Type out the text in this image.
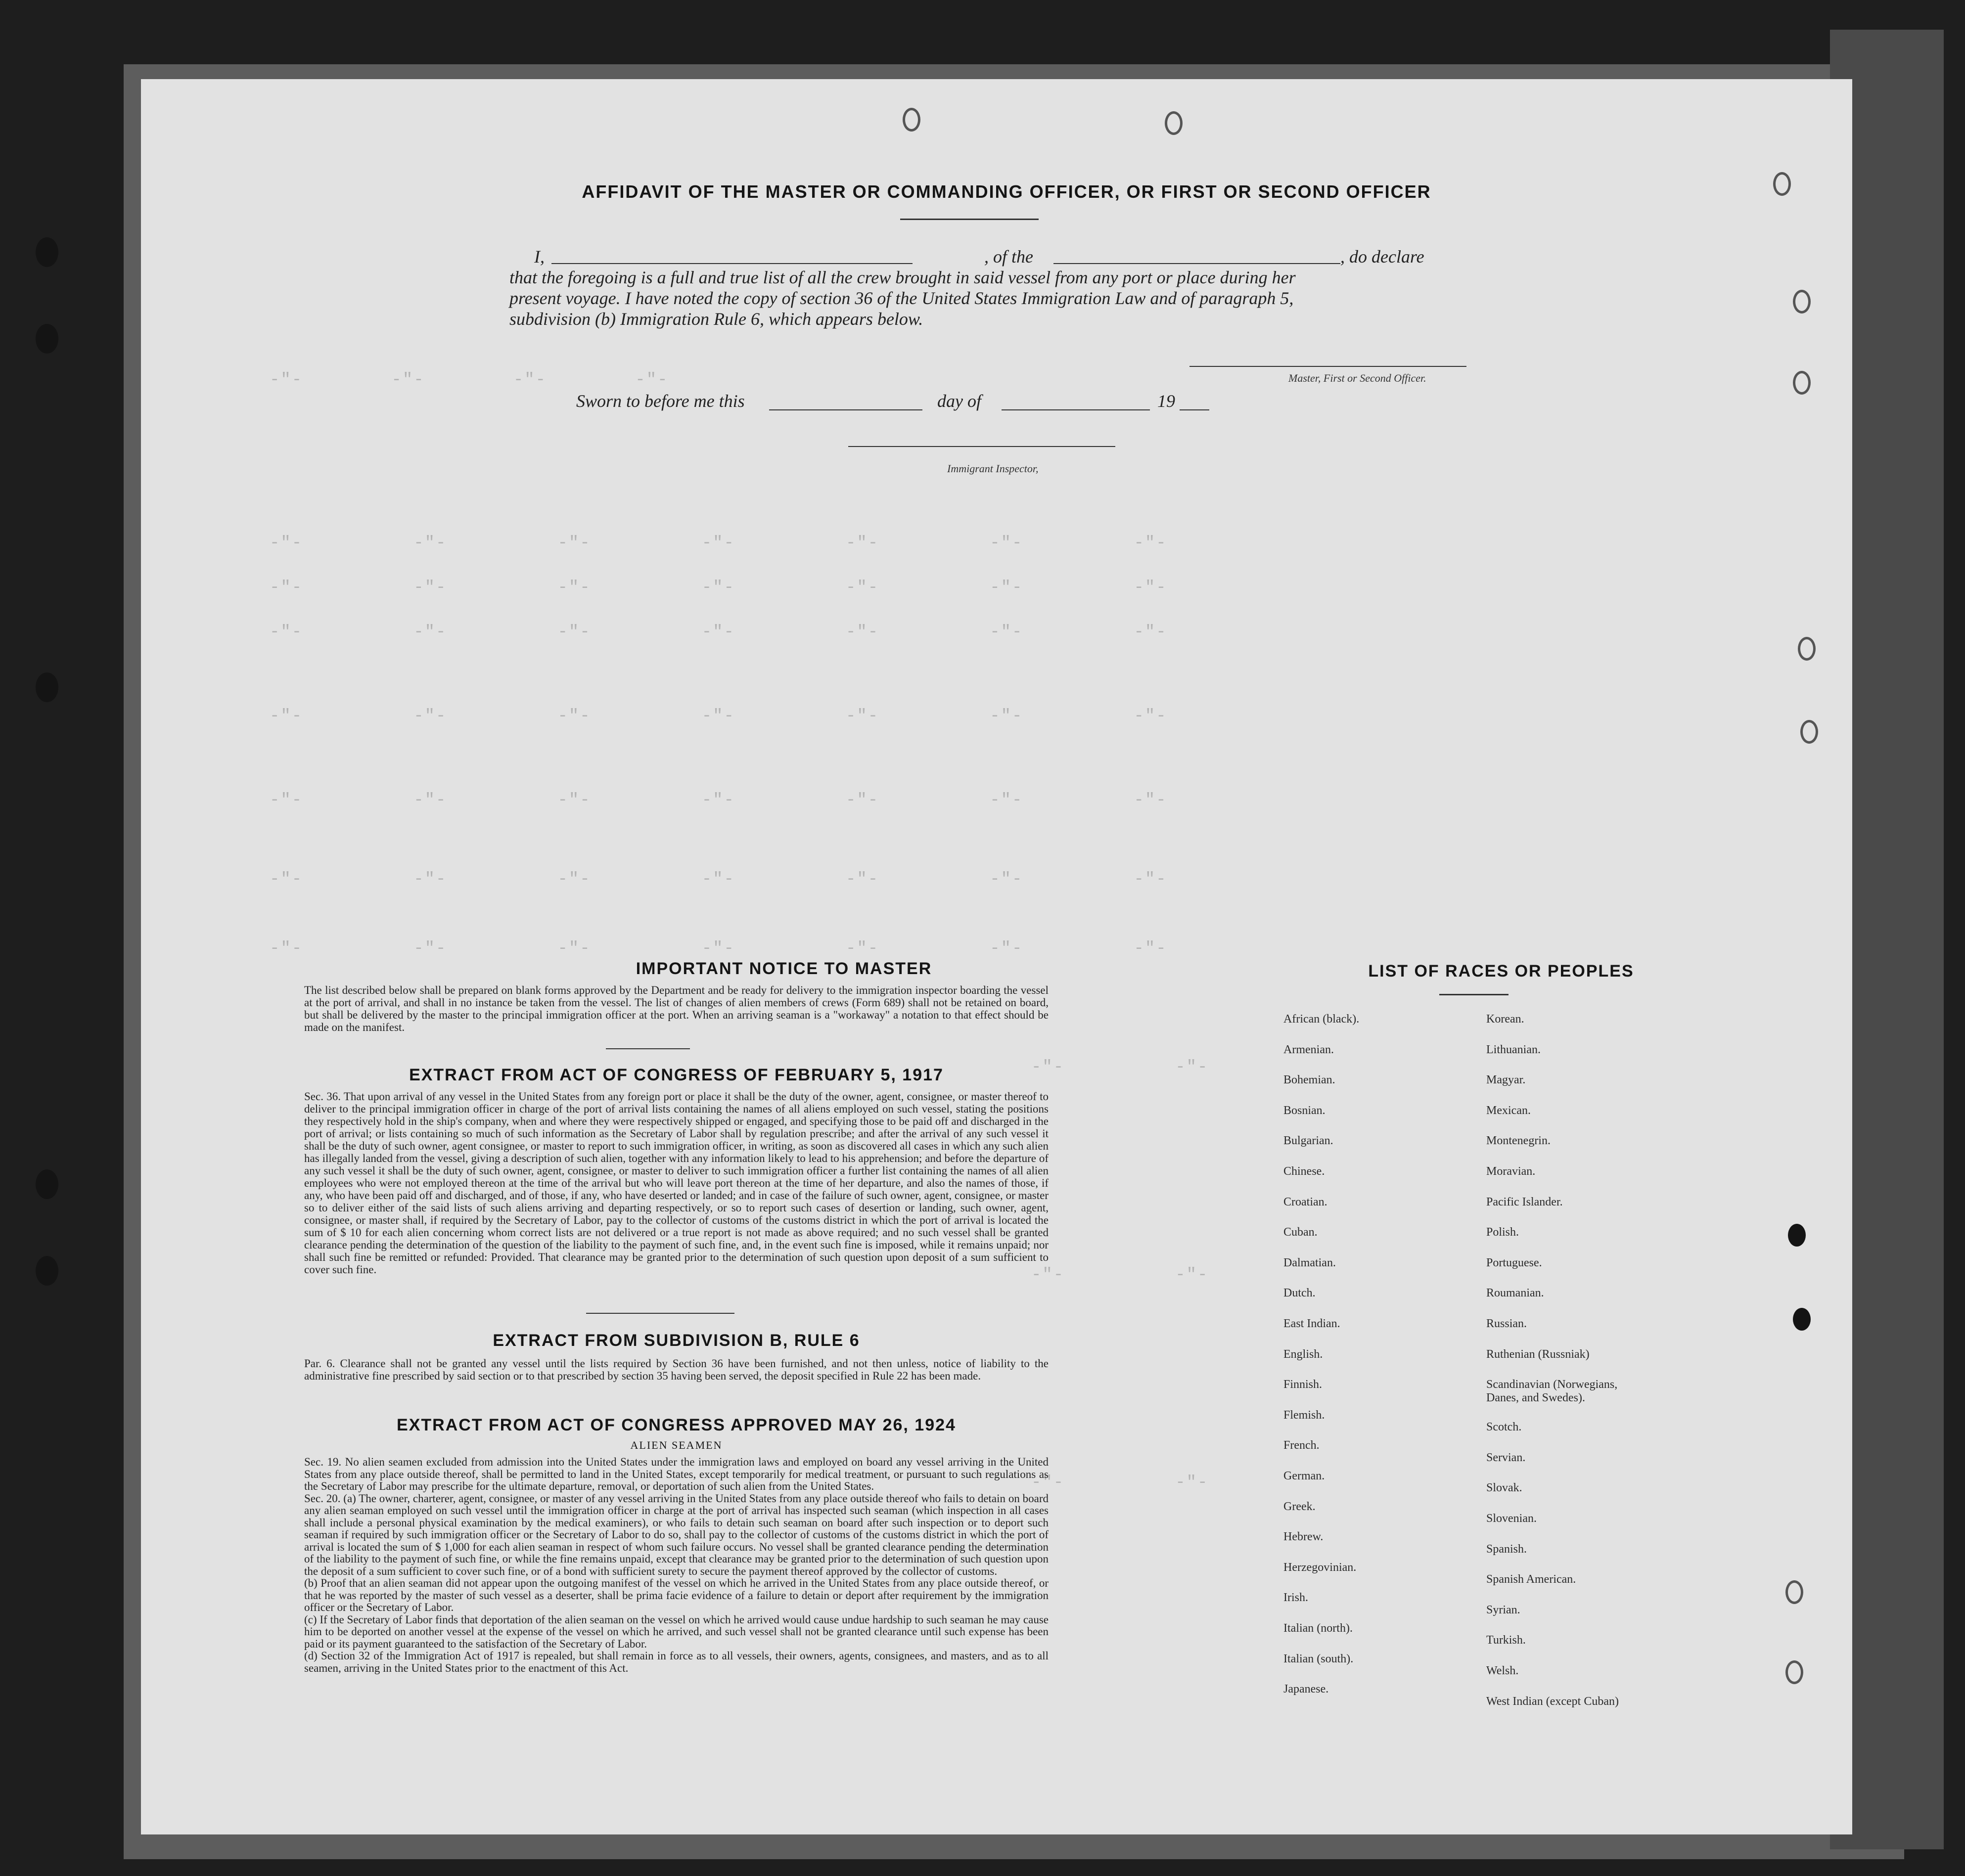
-"-        -"-        -"-        -"-
-"-          -"-          -"-          -"-          -"-          -"-          -"-
-"-          -"-          -"-          -"-          -"-          -"-          -"-
-"-          -"-          -"-          -"-          -"-          -"-          -"-
-"-          -"-          -"-          -"-          -"-          -"-          -"-
-"-          -"-          -"-          -"-          -"-          -"-          -"-
-"-          -"-          -"-          -"-          -"-          -"-          -"-
-"-          -"-          -"-          -"-          -"-          -"-          -"-
-"-          -"-
-"-          -"-
-"-          -"-
AFFIDAVIT OF THE MASTER OR COMMANDING OFFICER, OR FIRST OR SECOND OFFICER
I,	, of the	, do declare
that the foregoing is a full and true list of all the crew brought in said vessel from any port or place during her
present voyage. I have noted the copy of section 36 of the United States Immigration Law and of paragraph 5,
subdivision (b) Immigration Rule 6, which appears below.
Master, First or Second Officer.
Sworn to before me this	day of	19
Immigrant Inspector,
IMPORTANT NOTICE TO MASTER
The list described below shall be prepared on blank forms approved by the Department and be ready for delivery to the immigration inspector boarding the vessel at the port of arrival, and shall in no instance be taken from the vessel. The list of changes of alien members of crews (Form 689) shall not be retained on board, but shall be delivered by the master to the principal immigration officer at the port. When an arriving seaman is a "workaway" a notation to that effect should be made on the manifest.
EXTRACT FROM ACT OF CONGRESS OF FEBRUARY 5, 1917
Sec. 36. That upon arrival of any vessel in the United States from any foreign port or place it shall be the duty of the owner, agent, consignee, or master thereof to deliver to the principal immigration officer in charge of the port of arrival lists containing the names of all aliens employed on such vessel, stating the positions they respectively hold in the ship's company, when and where they were respectively shipped or engaged, and specifying those to be paid off and discharged in the port of arrival; or lists containing so much of such information as the Secretary of Labor shall by regulation prescribe; and after the arrival of any such vessel it shall be the duty of such owner, agent consignee, or master to report to such immigration officer, in writing, as soon as discovered all cases in which any such alien has illegally landed from the vessel, giving a description of such alien, together with any information likely to lead to his apprehension; and before the departure of any such vessel it shall be the duty of such owner, agent, consignee, or master to deliver to such immigration officer a further list containing the names of all alien employees who were not employed thereon at the time of the arrival but who will leave port thereon at the time of her departure, and also the names of those, if any, who have been paid off and discharged, and of those, if any, who have deserted or landed; and in case of the failure of such owner, agent, consignee, or master so to deliver either of the said lists of such aliens arriving and departing respectively, or so to report such cases of desertion or landing, such owner, agent, consignee, or master shall, if required by the Secretary of Labor, pay to the collector of customs of the customs district in which the port of arrival is located the sum of $ 10 for each alien concerning whom correct lists are not delivered or a true report is not made as above required; and no such vessel shall be granted clearance pending the determination of the question of the liability to the payment of such fine, and, in the event such fine is imposed, while it remains unpaid; nor shall such fine be remitted or refunded: Provided. That clearance may be granted prior to the determination of such question upon deposit of a sum sufficient to cover such fine.
EXTRACT FROM SUBDIVISION B, RULE 6
Par. 6. Clearance shall not be granted any vessel until the lists required by Section 36 have been furnished, and not then unless, notice of liability to the administrative fine prescribed by said section or to that prescribed by section 35 having been served, the deposit specified in Rule 22 has been made.
EXTRACT FROM ACT OF CONGRESS APPROVED MAY 26, 1924
ALIEN SEAMEN
Sec. 19. No alien seamen excluded from admission into the United States under the immigration laws and employed on board any vessel arriving in the United States from any place outside thereof, shall be permitted to land in the United States, except temporarily for medical treatment, or pursuant to such regulations as the Secretary of Labor may prescribe for the ultimate departure, removal, or deportation of such alien from the United States.
Sec. 20. (a) The owner, charterer, agent, consignee, or master of any vessel arriving in the United States from any place outside thereof who fails to detain on board any alien seaman employed on such vessel until the immigration officer in charge at the port of arrival has inspected such seaman (which inspection in all cases shall include a personal physical examination by the medical examiners), or who fails to detain such seaman on board after such inspection or to deport such seaman if required by such immigration officer or the Secretary of Labor to do so, shall pay to the collector of customs of the customs district in which the port of arrival is located the sum of $ 1,000 for each alien seaman in respect of whom such failure occurs. No vessel shall be granted clearance pending the determination of the liability to the payment of such fine, or while the fine remains unpaid, except that clearance may be granted prior to the determination of such question upon the deposit of a sum sufficient to cover such fine, or of a bond with sufficient surety to secure the payment thereof approved by the collector of customs.
(b) Proof that an alien seaman did not appear upon the outgoing manifest of the vessel on which he arrived in the United States from any place outside thereof, or that he was reported by the master of such vessel as a deserter, shall be prima facie evidence of a failure to detain or deport after requirement by the immigration officer or the Secretary of Labor.
(c) If the Secretary of Labor finds that deportation of the alien seaman on the vessel on which he arrived would cause undue hardship to such seaman he may cause him to be deported on another vessel at the expense of the vessel on which he arrived, and such vessel shall not be granted clearance until such expense has been paid or its payment guaranteed to the satisfaction of the Secretary of Labor.
(d) Section 32 of the Immigration Act of 1917 is repealed, but shall remain in force as to all vessels, their owners, agents, consignees, and masters, and as to all seamen, arriving in the United States prior to the enactment of this Act.
LIST OF RACES OR PEOPLES
African (black).
Armenian.
Bohemian.
Bosnian.
Bulgarian.
Chinese.
Croatian.
Cuban.
Dalmatian.
Dutch.
East Indian.
English.
Finnish.
Flemish.
French.
German.
Greek.
Hebrew.
Herzegovinian.
Irish.
Italian (north).
Italian (south).
Japanese.
Korean.
Lithuanian.
Magyar.
Mexican.
Montenegrin.
Moravian.
Pacific Islander.
Polish.
Portuguese.
Roumanian.
Russian.
Ruthenian (Russniak)
Scandinavian (Norwegians,
Danes, and Swedes).
Scotch.
Servian.
Slovak.
Slovenian.
Spanish.
Spanish American.
Syrian.
Turkish.
Welsh.
West Indian (except Cuban)
